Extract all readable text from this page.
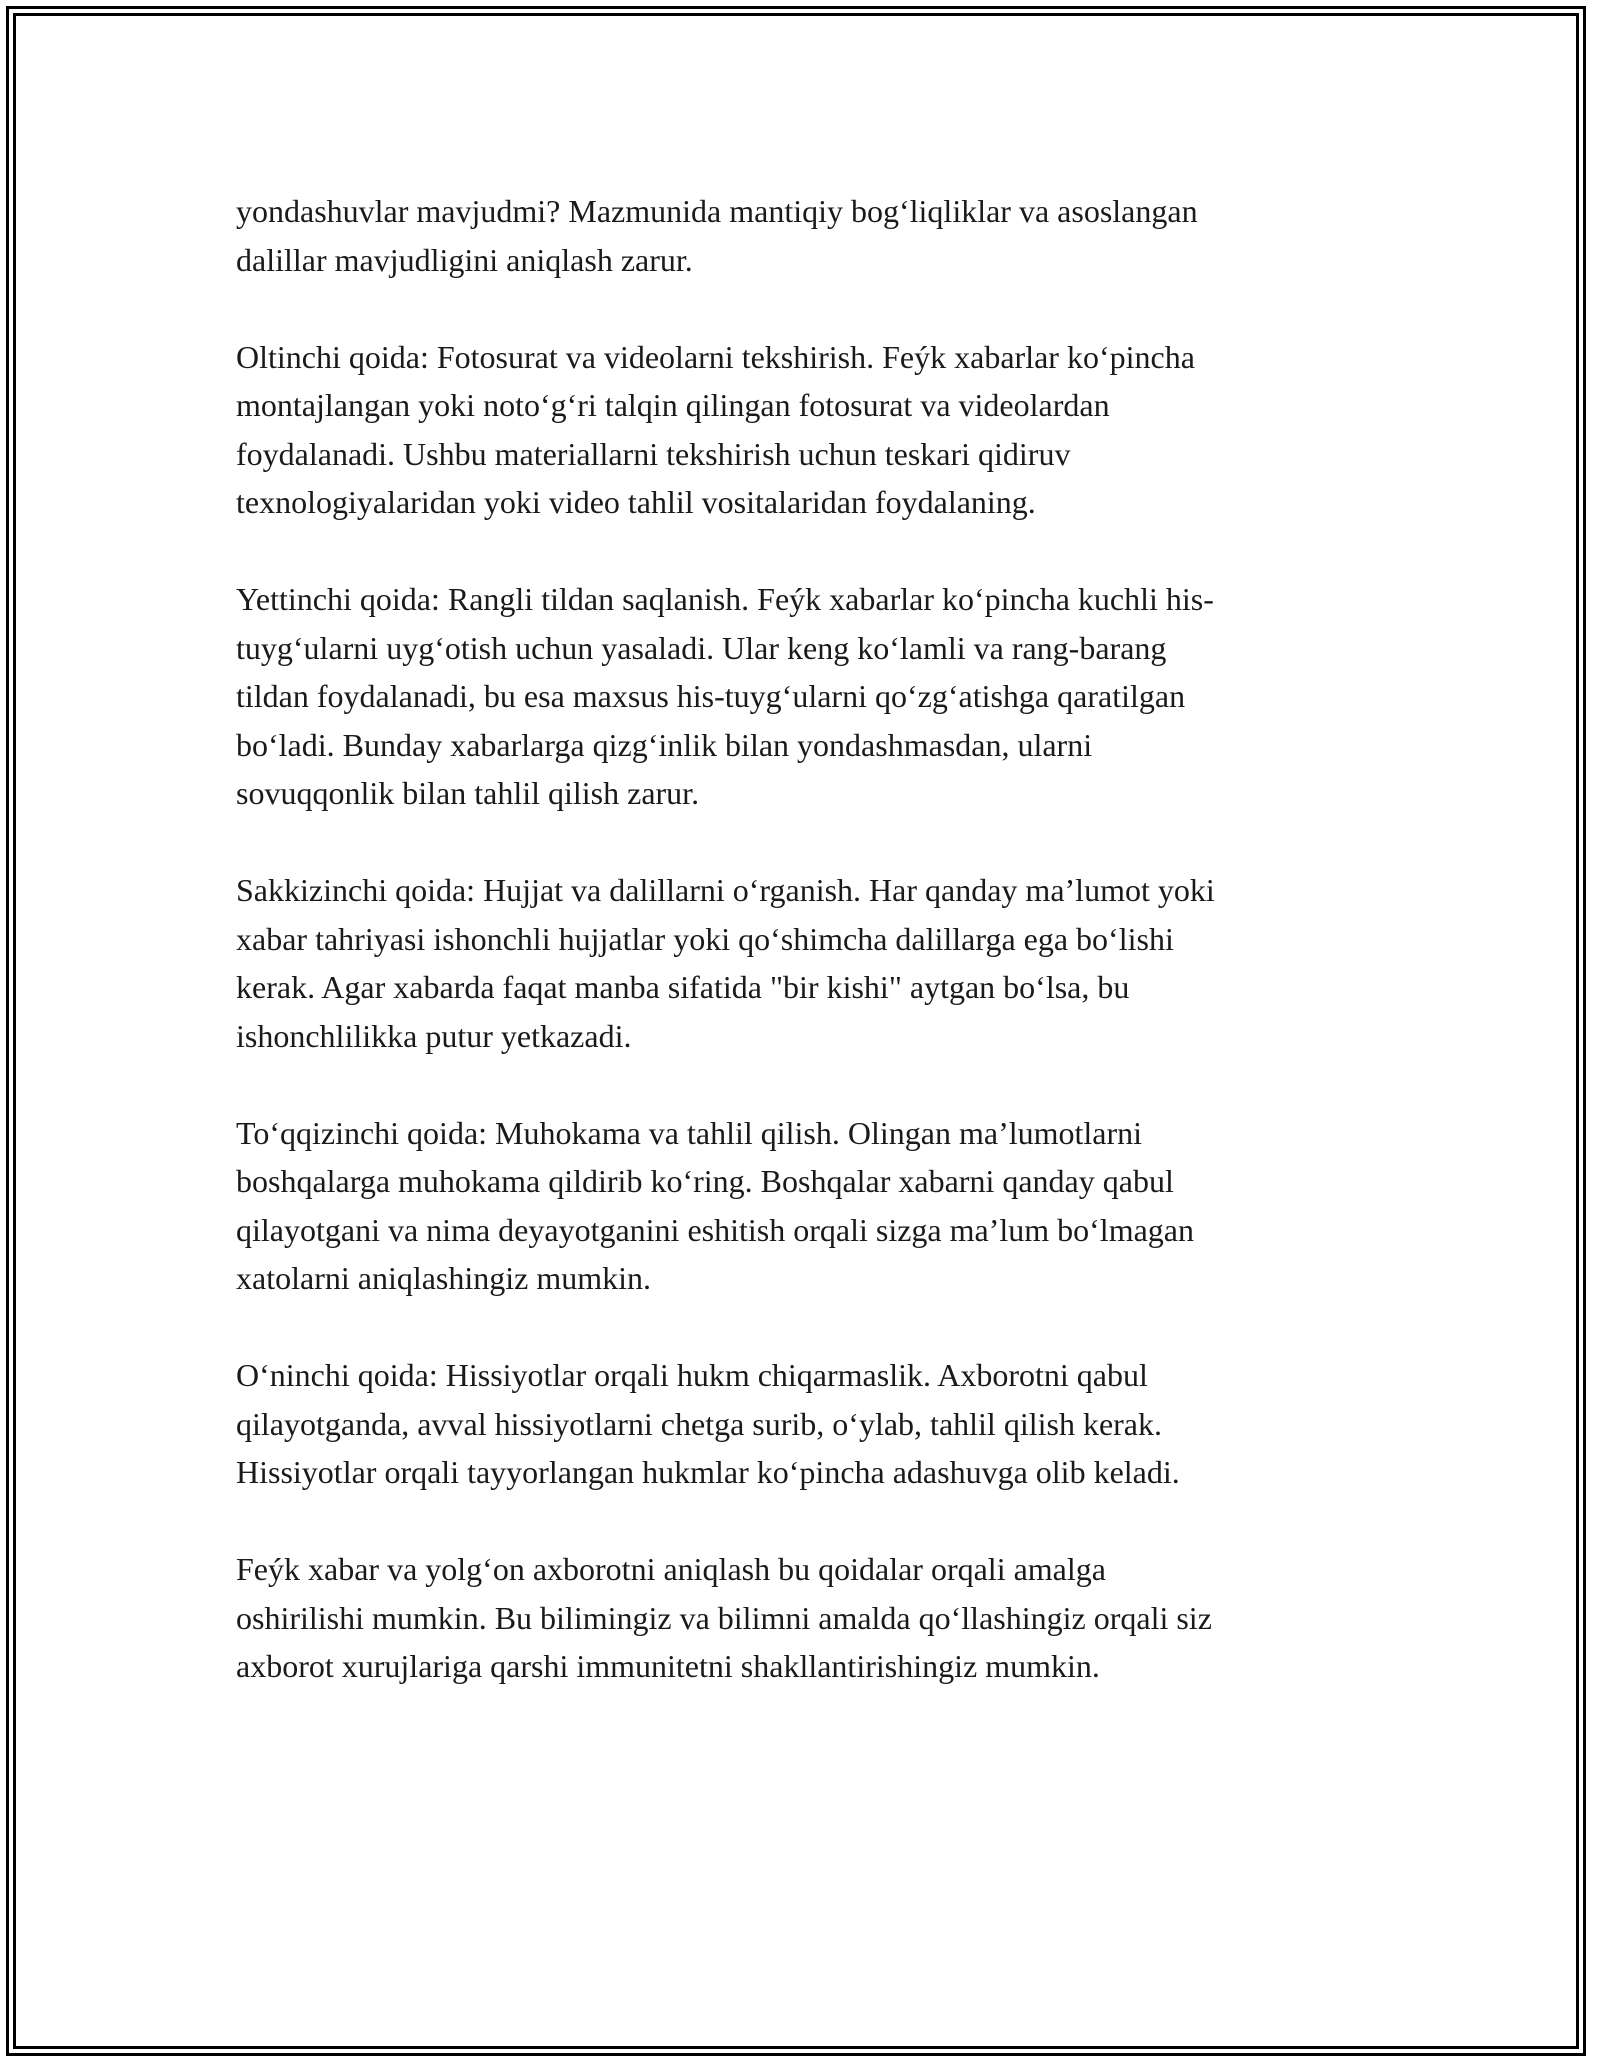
yondashuvlar mavjudmi? Mazmunida mantiqiy bog‘liqliklar va asoslangan
dalillar mavjudligini aniqlash zarur.

Oltinchi qoida: Fotosurat va videolarni tekshirish. Feýk xabarlar ko‘pincha
montajlangan yoki noto‘g‘ri talqin qilingan fotosurat va videolardan
foydalanadi. Ushbu materiallarni tekshirish uchun teskari qidiruv
texnologiyalaridan yoki video tahlil vositalaridan foydalaning.

Yettinchi qoida: Rangli tildan saqlanish. Feýk xabarlar ko‘pincha kuchli his-
tuyg‘ularni uyg‘otish uchun yasaladi. Ular keng ko‘lamli va rang-barang
tildan foydalanadi, bu esa maxsus his-tuyg‘ularni qo‘zg‘atishga qaratilgan
bo‘ladi. Bunday xabarlarga qizg‘inlik bilan yondashmasdan, ularni
sovuqqonlik bilan tahlil qilish zarur.

Sakkizinchi qoida: Hujjat va dalillarni o‘rganish. Har qanday ma’lumot yoki
xabar tahriyasi ishonchli hujjatlar yoki qo‘shimcha dalillarga ega bo‘lishi
kerak. Agar xabarda faqat manba sifatida "bir kishi" aytgan bo‘lsa, bu
ishonchlilikka putur yetkazadi.

To‘qqizinchi qoida: Muhokama va tahlil qilish. Olingan ma’lumotlarni
boshqalarga muhokama qildirib ko‘ring. Boshqalar xabarni qanday qabul
qilayotgani va nima deyayotganini eshitish orqali sizga ma’lum bo‘lmagan
xatolarni aniqlashingiz mumkin.

O‘ninchi qoida: Hissiyotlar orqali hukm chiqarmaslik. Axborotni qabul
qilayotganda, avval hissiyotlarni chetga surib, o‘ylab, tahlil qilish kerak.
Hissiyotlar orqali tayyorlangan hukmlar ko‘pincha adashuvga olib keladi.

Feýk xabar va yolg‘on axborotni aniqlash bu qoidalar orqali amalga
oshirilishi mumkin. Bu bilimingiz va bilimni amalda qo‘llashingiz orqali siz
axborot xurujlariga qarshi immunitetni shakllantirishingiz mumkin.
